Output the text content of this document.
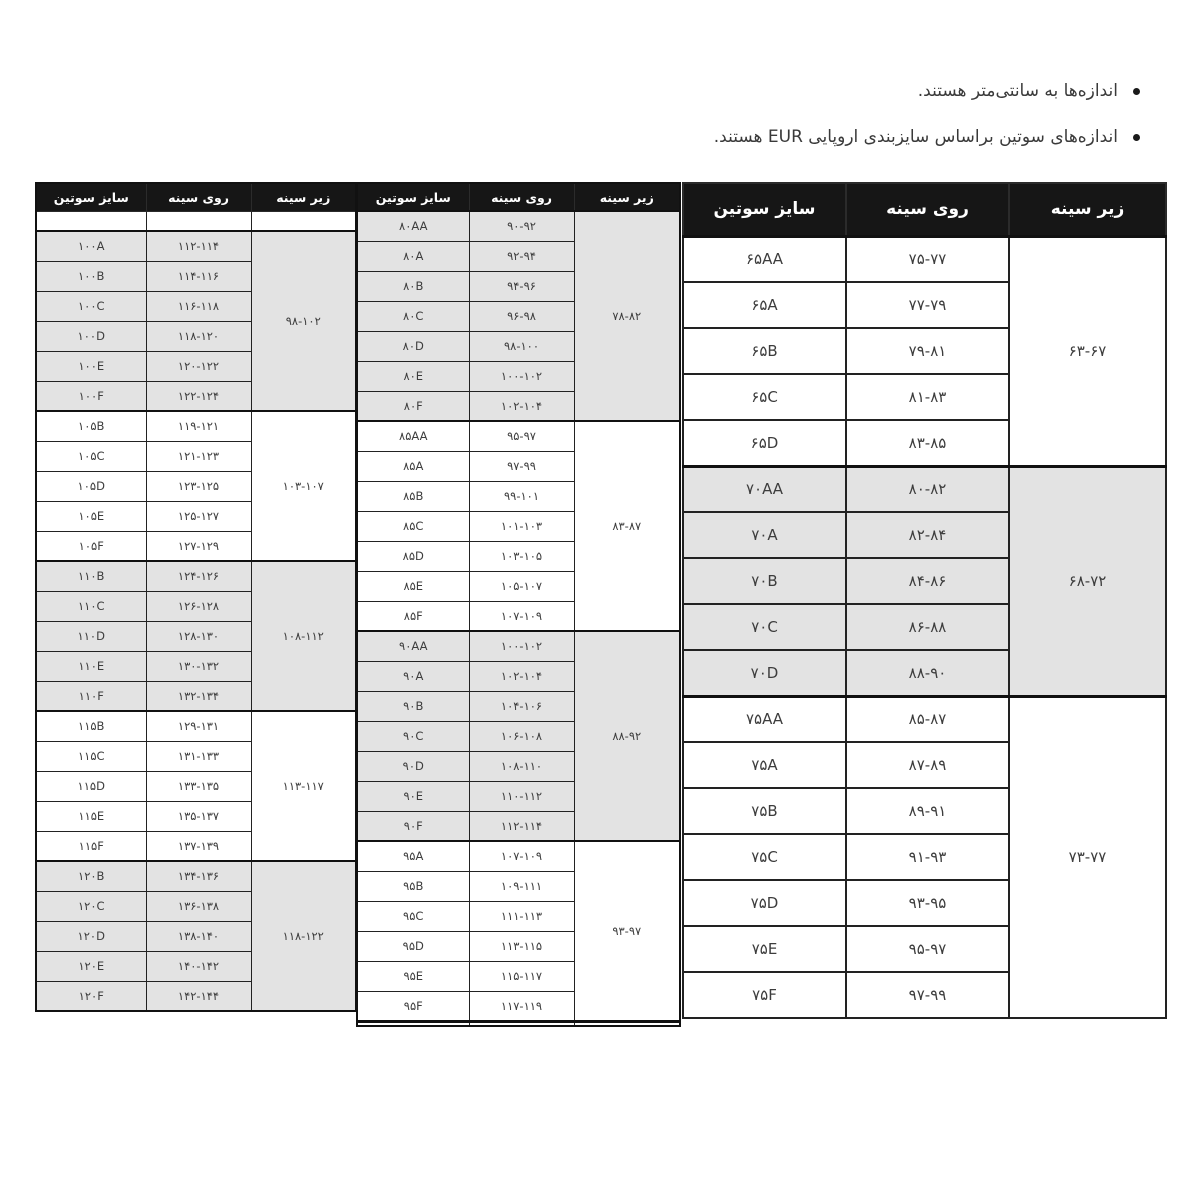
اندازه‌ها به سانتی‌متر هستند.
اندازه‌های سوتین براساس سایزبندی اروپایی EUR هستند.
سایز سوتین	روی سینه	زیر سینه
۶۵AA	۷۵-۷۷	۶۳-۶۷
۶۵A	۷۷-۷۹	
۶۵B	۷۹-۸۱	
۶۵C	۸۱-۸۳	
۶۵D	۸۳-۸۵	
۷۰AA	۸۰-۸۲	۶۸-۷۲
۷۰A	۸۲-۸۴	
۷۰B	۸۴-۸۶	
۷۰C	۸۶-۸۸	
۷۰D	۸۸-۹۰	
۷۵AA	۸۵-۸۷	۷۳-۷۷
۷۵A	۸۷-۸۹	
۷۵B	۸۹-۹۱	
۷۵C	۹۱-۹۳	
۷۵D	۹۳-۹۵	
۷۵E	۹۵-۹۷	
۷۵F	۹۷-۹۹	
سایز سوتین	روی سینه	زیر سینه
۸۰AA	۹۰-۹۲	۷۸-۸۲
۸۰A	۹۲-۹۴	
۸۰B	۹۴-۹۶	
۸۰C	۹۶-۹۸	
۸۰D	۹۸-۱۰۰	
۸۰E	۱۰۰-۱۰۲	
۸۰F	۱۰۲-۱۰۴	
۸۵AA	۹۵-۹۷	۸۳-۸۷
۸۵A	۹۷-۹۹	
۸۵B	۹۹-۱۰۱	
۸۵C	۱۰۱-۱۰۳	
۸۵D	۱۰۳-۱۰۵	
۸۵E	۱۰۵-۱۰۷	
۸۵F	۱۰۷-۱۰۹	
۹۰AA	۱۰۰-۱۰۲	۸۸-۹۲
۹۰A	۱۰۲-۱۰۴	
۹۰B	۱۰۴-۱۰۶	
۹۰C	۱۰۶-۱۰۸	
۹۰D	۱۰۸-۱۱۰	
۹۰E	۱۱۰-۱۱۲	
۹۰F	۱۱۲-۱۱۴	
۹۵A	۱۰۷-۱۰۹	۹۳-۹۷
۹۵B	۱۰۹-۱۱۱	
۹۵C	۱۱۱-۱۱۳	
۹۵D	۱۱۳-۱۱۵	
۹۵E	۱۱۵-۱۱۷	
۹۵F	۱۱۷-۱۱۹	

سایز سوتین	روی سینه	زیر سینه

۱۰۰A	۱۱۲-۱۱۴	۹۸-۱۰۲
۱۰۰B	۱۱۴-۱۱۶	
۱۰۰C	۱۱۶-۱۱۸	
۱۰۰D	۱۱۸-۱۲۰	
۱۰۰E	۱۲۰-۱۲۲	
۱۰۰F	۱۲۲-۱۲۴	
۱۰۵B	۱۱۹-۱۲۱	۱۰۳-۱۰۷
۱۰۵C	۱۲۱-۱۲۳	
۱۰۵D	۱۲۳-۱۲۵	
۱۰۵E	۱۲۵-۱۲۷	
۱۰۵F	۱۲۷-۱۲۹	
۱۱۰B	۱۲۴-۱۲۶	۱۰۸-۱۱۲
۱۱۰C	۱۲۶-۱۲۸	
۱۱۰D	۱۲۸-۱۳۰	
۱۱۰E	۱۳۰-۱۳۲	
۱۱۰F	۱۳۲-۱۳۴	
۱۱۵B	۱۲۹-۱۳۱	۱۱۳-۱۱۷
۱۱۵C	۱۳۱-۱۳۳	
۱۱۵D	۱۳۳-۱۳۵	
۱۱۵E	۱۳۵-۱۳۷	
۱۱۵F	۱۳۷-۱۳۹	
۱۲۰B	۱۳۴-۱۳۶	۱۱۸-۱۲۲
۱۲۰C	۱۳۶-۱۳۸	
۱۲۰D	۱۳۸-۱۴۰	
۱۲۰E	۱۴۰-۱۴۲	
۱۲۰F	۱۴۲-۱۴۴	
